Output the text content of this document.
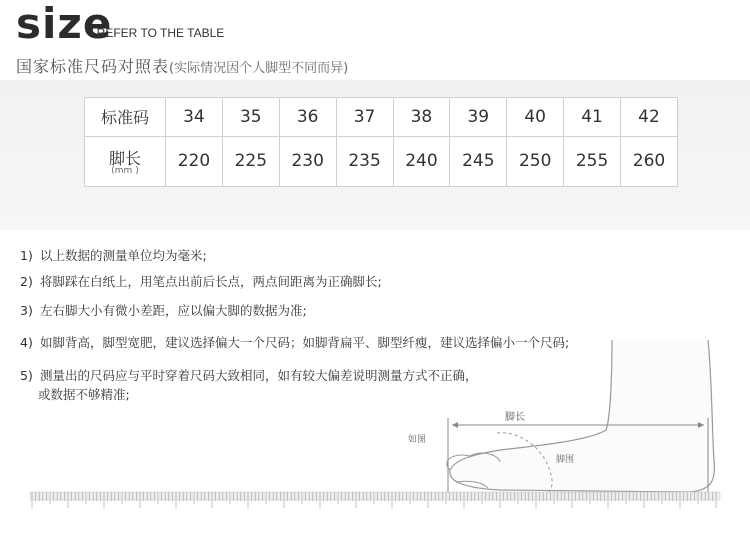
size
/ REFER TO THE TABLE
国家标准尺码对照表(实际情况因个人脚型不同而异)
标准码	34	35	36	37	38	39	40	41	42
脚长
(mm )	220	225	230	235	240	245	250	255	260
1) 以上数据的测量单位均为毫米;
2) 将脚踩在白纸上，用笔点出前后长点，两点间距离为正确脚长;
3) 左右脚大小有微小差距，应以偏大脚的数据为准;
4) 如脚背高，脚型宽肥，建议选择偏大一个尺码；如脚背扁平、脚型纤瘦，建议选择偏小一个尺码;
5) 测量出的尺码应与平时穿着尺码大致相同，如有较大偏差说明测量方式不正确，
或数据不够精准;
脚长
如图
脚围
